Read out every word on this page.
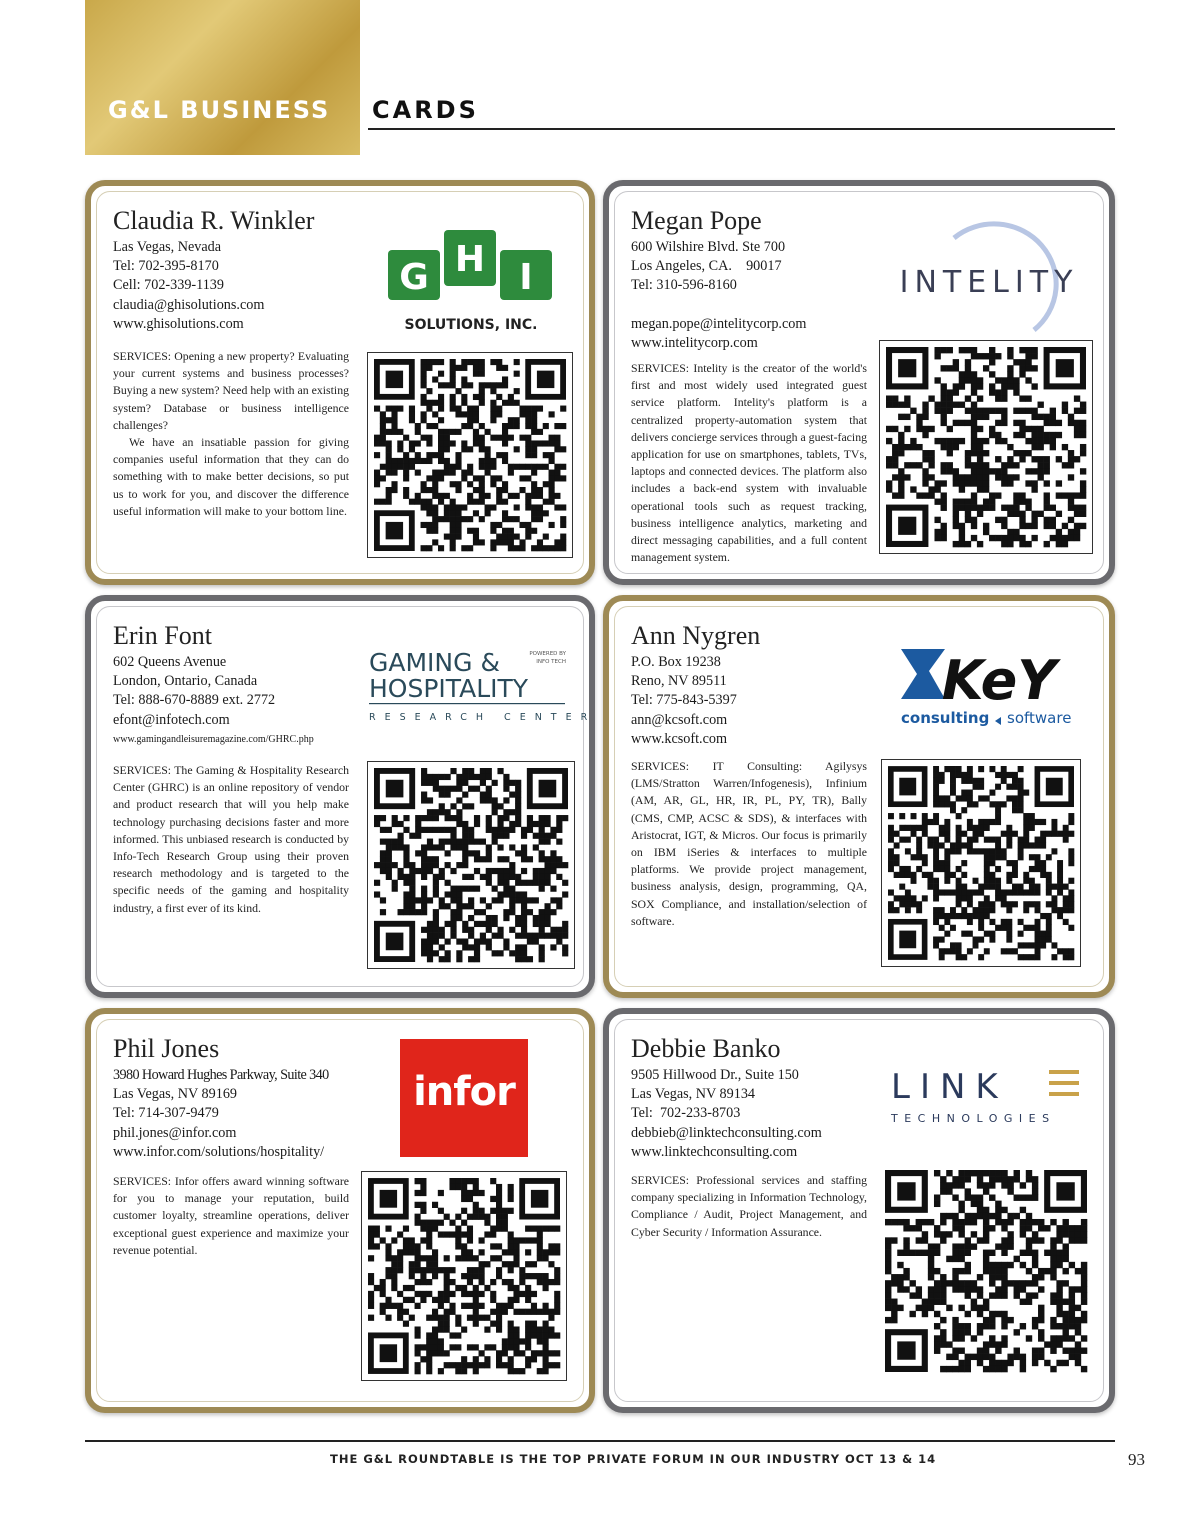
G&L BUSINESS CARDS
Claudia R. Winkler
Las Vegas, Nevada
Tel: 702-395-8170
Cell: 702-339-1139
claudia@ghisolutions.com
www.ghisolutions.com
G H I
SOLUTIONS, INC.

SERVICES: Opening a new property? Evaluating your current systems and business processes? Buying a new system? Need help with an existing system? Database or business intelligence challenges?

We have an insatiable passion for giving companies useful information that they can do something with to make better decisions, so put us to work for you, and discover the difference useful information will make to your bottom line.

Megan Pope
600 Wilshire Blvd. Ste 700
Los Angeles, CA.    90017
Tel: 310-596-8160
megan.pope@intelitycorp.com
www.intelitycorp.com
INTELITY

SERVICES: Intelity is the creator of the world's first and most widely used integrated guest service platform. Intelity's platform is a centralized property-automation system that delivers concierge services through a guest-facing application for use on smartphones, tablets, TVs, laptops and connected devices. The platform also includes a back-end system with invaluable operational tools such as request tracking, business intelligence analytics, marketing and direct messaging capabilities, and a full content management system.

Erin Font
602 Queens Avenue
London, Ontario, Canada
Tel: 888-670-8889 ext. 2772
efont@infotech.com
www.gamingandleisuremagazine.com/GHRC.php
GAMING &
HOSPITALITY
POWERED BY
INFO TECH
RESEARCH CENTER

SERVICES: The Gaming & Hospitality Research Center (GHRC) is an online repository of vendor and product research that will you help make technology purchasing decisions faster and more informed. This unbiased research is conducted by Info-Tech Research Group using their proven research methodology and is targeted to the specific needs of the gaming and hospitality industry, a first ever of its kind.

Ann Nygren
P.O. Box 19238
Reno, NV 89511
Tel: 775-843-5397
ann@kcsoft.com
www.kcsoft.com
KeY
consulting software

SERVICES: IT Consulting: Agilysys (LMS/Stratton Warren/Infogenesis), Infinium (AM, AR, GL, HR, IR, PL, PY, TR), Bally (CMS, CMP, ACSC & SDS), & interfaces with Aristocrat, IGT, & Micros. Our focus is primarily on IBM iSeries & interfaces to multiple platforms. We provide project management, business analysis, design, programming, QA, SOX Compliance, and installation/selection of software.

Phil Jones
3980 Howard Hughes Parkway, Suite 340
Las Vegas, NV 89169
Tel: 714-307-9479
phil.jones@infor.com
www.infor.com/solutions/hospitality/
infor

SERVICES: Infor offers award winning software for you to manage your reputation, build customer loyalty, streamline operations, deliver exceptional guest experience and maximize your revenue potential.

Debbie Banko
9505 Hillwood Dr., Suite 150
Las Vegas, NV 89134
Tel:  702-233-8703
debbieb@linktechconsulting.com
www.linktechconsulting.com
LINK
TECHNOLOGIES

SERVICES: Professional services and staffing company specializing in Information Technology, Compliance / Audit, Project Management, and Cyber Security / Information Assurance.

THE G&L ROUNDTABLE IS THE TOP PRIVATE FORUM IN OUR INDUSTRY OCT 13 & 14	93
